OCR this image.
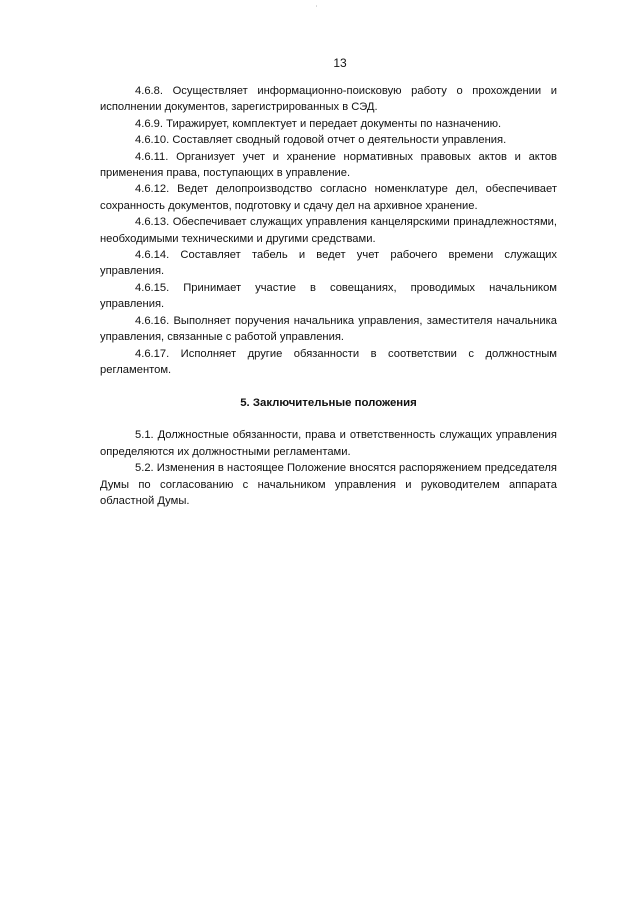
ʼ
13

4.6.8. Осуществляет информационно-поисковую работу о прохождении и исполнении документов, зарегистрированных в СЭД.

4.6.9. Тиражирует, комплектует и передает документы по назначению.

4.6.10. Составляет сводный годовой отчет о деятельности управления.

4.6.11. Организует учет и хранение нормативных правовых актов и актов применения права, поступающих в управление.

4.6.12. Ведет делопроизводство согласно номенклатуре дел, обеспечивает сохранность документов, подготовку и сдачу дел на архивное хранение.

4.6.13. Обеспечивает служащих управления канцелярскими принадлежностями, необходимыми техническими и другими средствами.

4.6.14. Составляет табель и ведет учет рабочего времени служащих управления.

4.6.15. Принимает участие в совещаниях, проводимых начальником управления.

4.6.16. Выполняет поручения начальника управления, заместителя начальника управления, связанные с работой управления.

4.6.17. Исполняет другие обязанности в соответствии с должностным регламентом.

5. Заключительные положения

5.1. Должностные обязанности, права и ответственность служащих управления определяются их должностными регламентами.

5.2. Изменения в настоящее Положение вносятся распоряжением председателя Думы по согласованию с начальником управления и руководителем аппарата областной Думы.
